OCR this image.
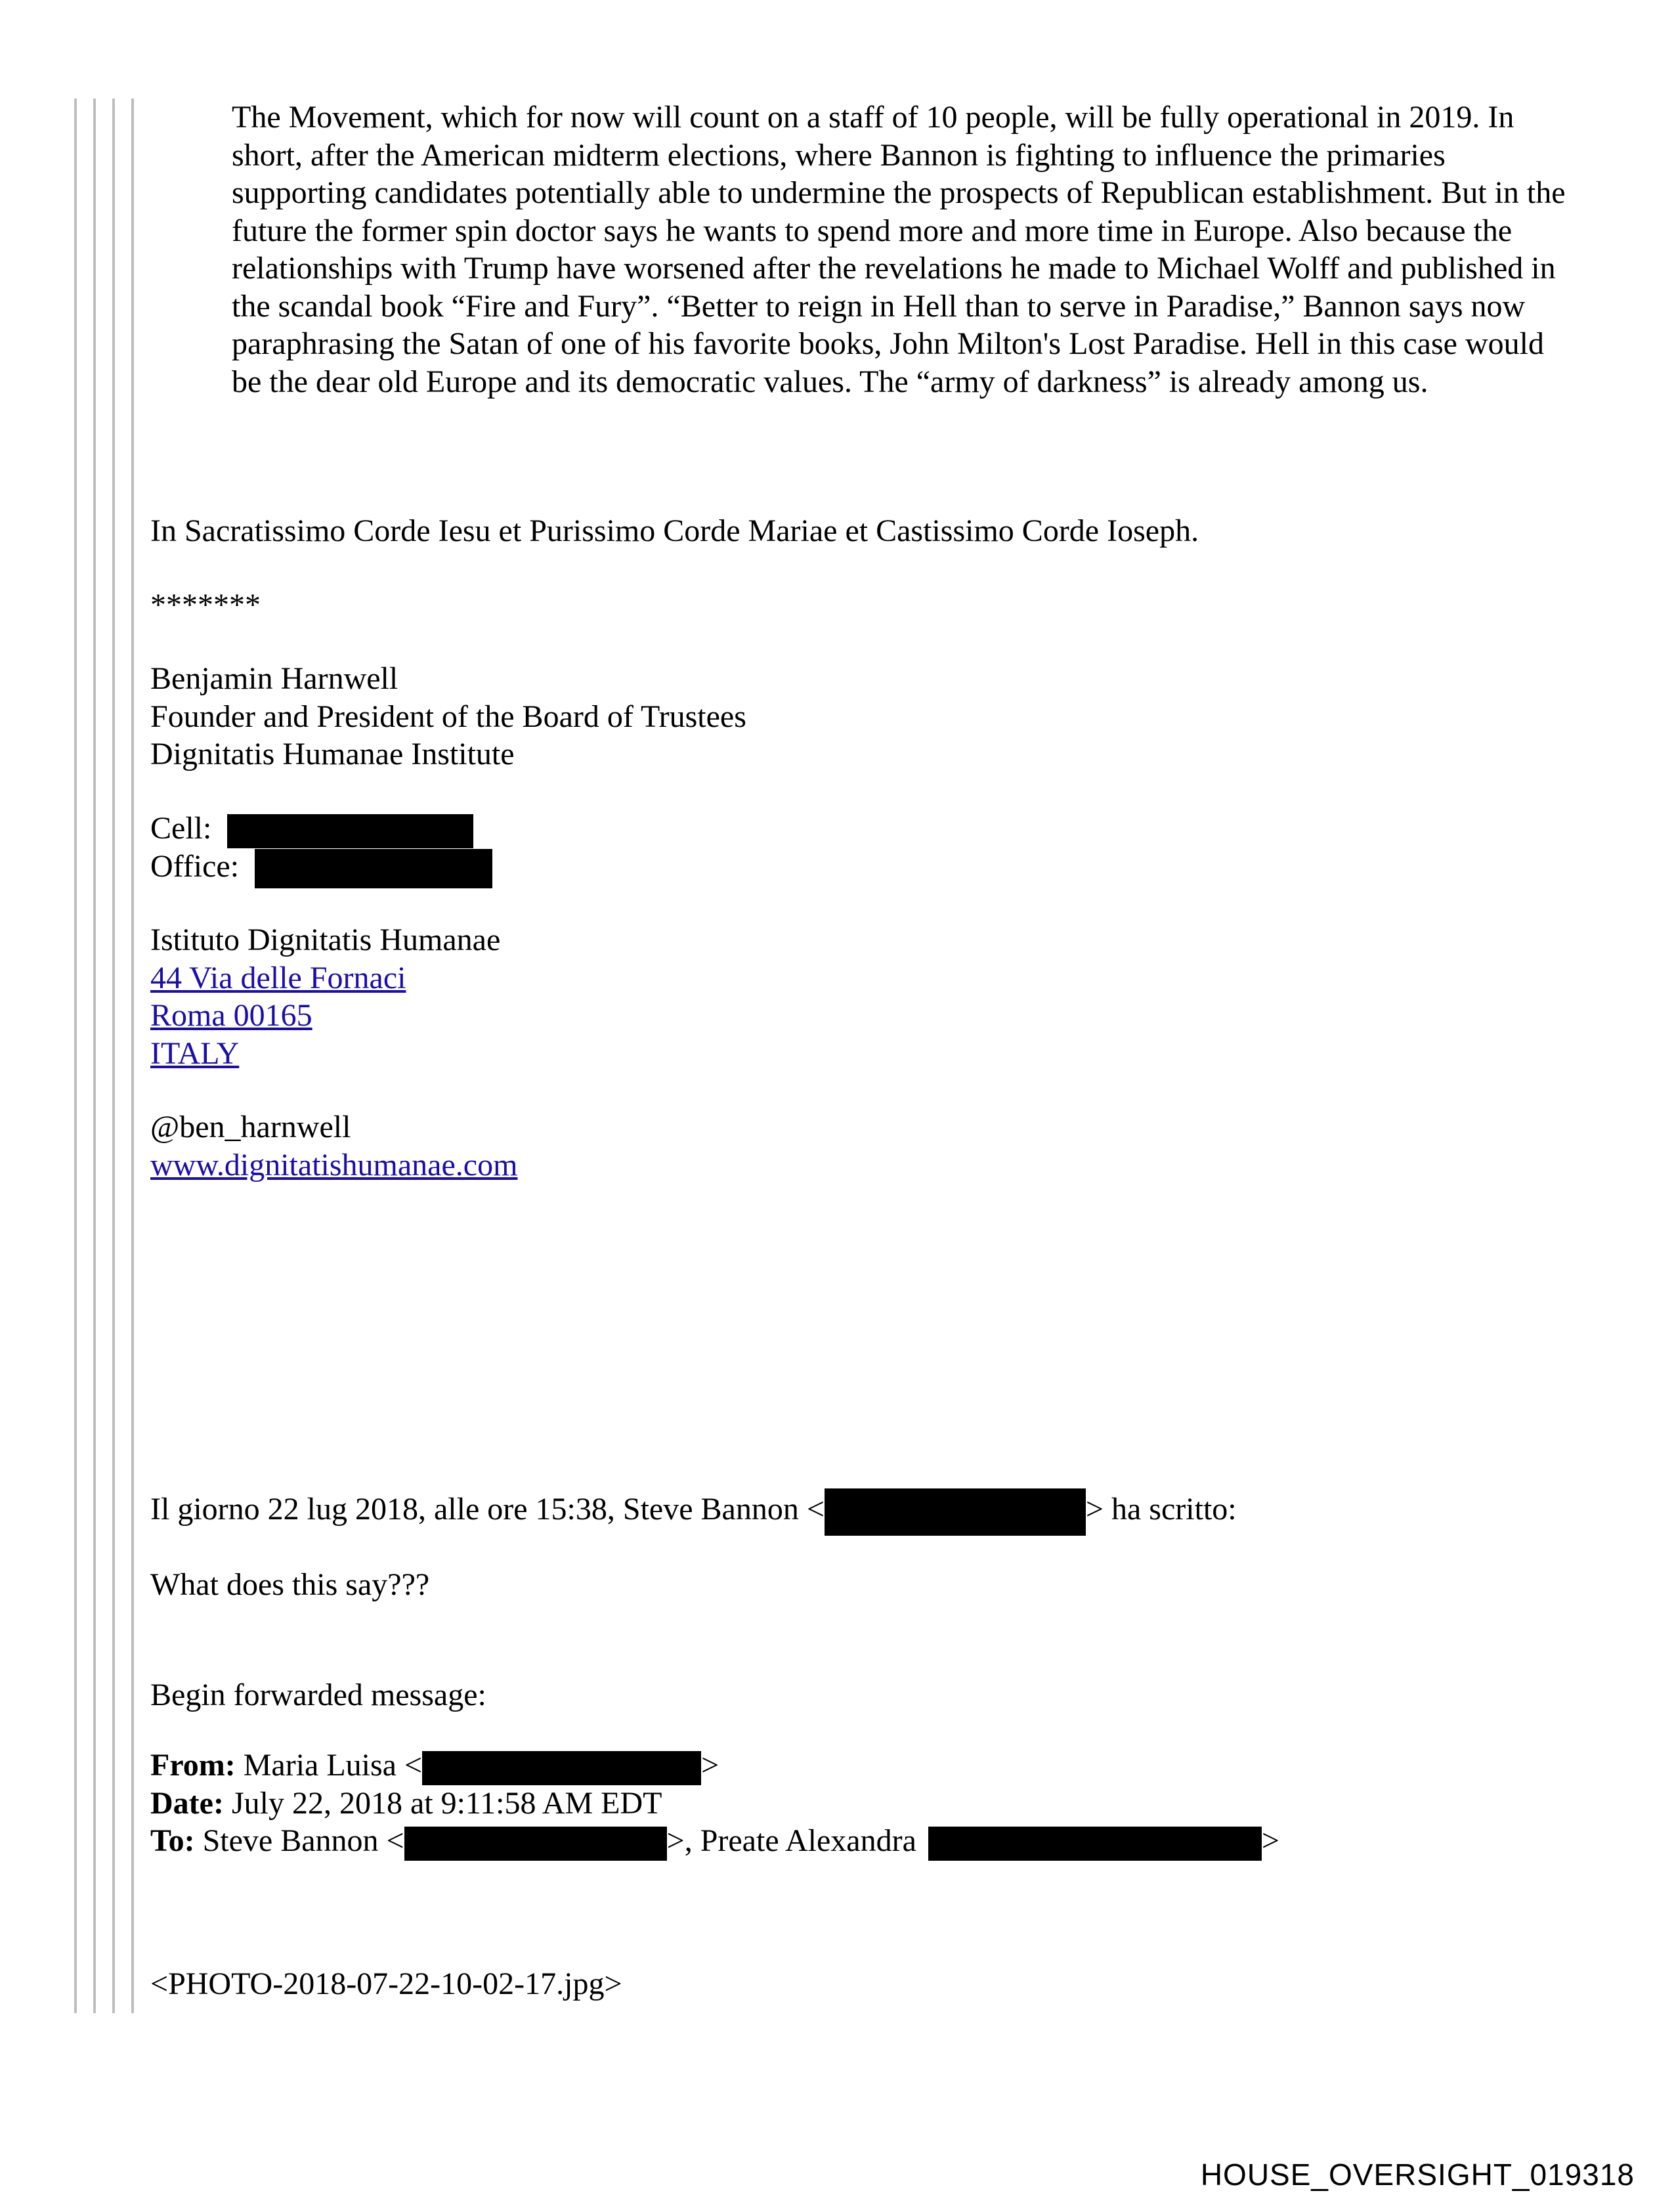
The Movement, which for now will count on a staff of 10 people, will be fully operational in 2019. In short, after the American midterm elections, where Bannon is fighting to influence the primaries supporting candidates potentially able to undermine the prospects of Republican establishment. But in the future the former spin doctor says he wants to spend more and more time in Europe. Also because the relationships with Trump have worsened after the revelations he made to Michael Wolff and published in the scandal book “Fire and Fury”. “Better to reign in Hell than to serve in Paradise,” Bannon says now paraphrasing the Satan of one of his favorite books, John Milton's Lost Paradise. Hell in this case would be the dear old Europe and its democratic values. The “army of darkness” is already among us.

In Sacratissimo Corde Iesu et Purissimo Corde Mariae et Castissimo Corde Ioseph.
*******
Benjamin Harnwell
Founder and President of the Board of Trustees
Dignitatis Humanae Institute
Cell:
Office:
Istituto Dignitatis Humanae
44 Via delle Fornaci
Roma 00165
ITALY
@ben_harnwell
www.dignitatishumanae.com
Il giorno 22 lug 2018, alle ore 15:38, Steve Bannon <	> ha scritto:
What does this say???
Begin forwarded message:
From: Maria Luisa <	>
Date: July 22, 2018 at 9:11:58 AM EDT
To: Steve Bannon <	>, Preate Alexandra	>
<PHOTO-2018-07-22-10-02-17.jpg>
HOUSE_OVERSIGHT_019318
